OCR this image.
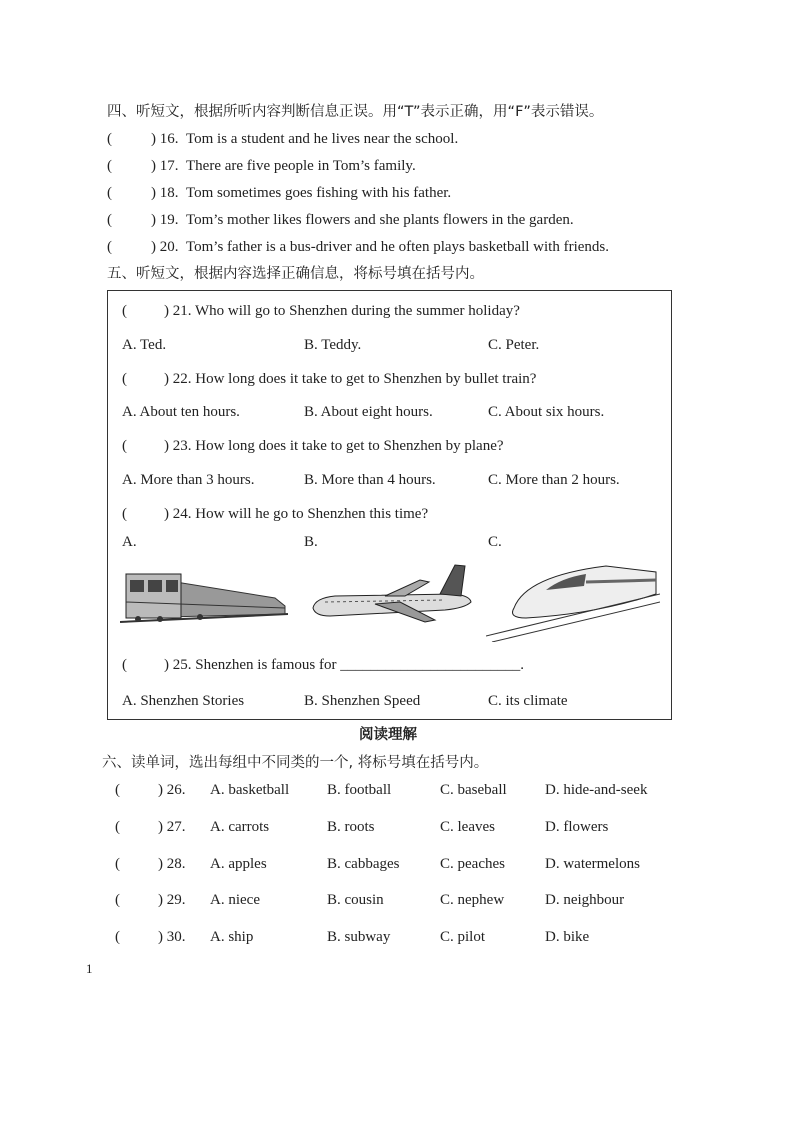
四、听短文，根据所听内容判断信息正误。用“T”表示正确，用“F”表示错误。
五、听短文，根据内容选择正确信息，将标号填在括号内。
阅读理解
六、读单词，选出每组中不同类的一个, 将标号填在括号内。
1
(	) 16. Tom is a student and he lives near the school.
(	) 17. There are five people in Tom’s family.
(	) 18. Tom sometimes goes fishing with his father.
(	) 19. Tom’s mother likes flowers and she plants flowers in the garden.
(	) 20. Tom’s father is a bus-driver and he often plays basketball with friends.
( ) 21. Who will go to Shenzhen during the summer holiday?
A. Ted.	B. Teddy.	C. Peter.
( ) 22. How long does it take to get to Shenzhen by bullet train?
A. About ten hours.	B. About eight hours.	C. About six hours.
( ) 23. How long does it take to get to Shenzhen by plane?
A. More than 3 hours.	B. More than 4 hours.	C. More than 2 hours.
( ) 24. How will he go to Shenzhen this time?
A.	B.	C.
( ) 25. Shenzhen is famous for ________________________.
A. Shenzhen Stories	B. Shenzhen Speed	C. its climate
(	) 26. A. basketball	B. football	C. baseball	D. hide-and-seek
(	) 27. A. carrots	B. roots	C. leaves	D. flowers
(	) 28. A. apples	B. cabbages	C. peaches	D. watermelons
(	) 29. A. niece	B. cousin	C. nephew	D. neighbour
(	) 30. A. ship	B. subway	C. pilot	D. bike
